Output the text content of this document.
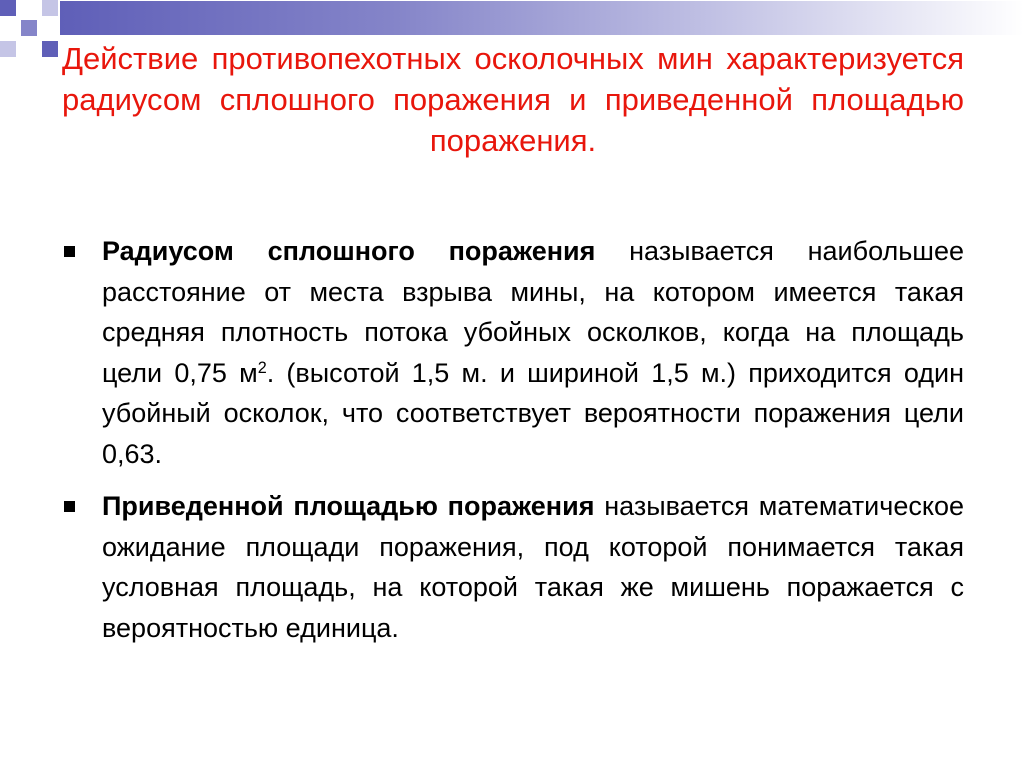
Действие противопехотных осколочных мин характеризуется радиусом сплошного поражения и приведенной площадью поражения.
Радиусом сплошного поражения называется наибольшее расстояние от места взрыва мины, на котором имеется такая средняя плотность потока убойных осколков, когда на площадь цели 0,75 $м^2$. (высотой 1,5 м. и шириной 1,5 м.) приходится один убойный осколок, что соответствует вероятности поражения цели 0,63.
Приведенной площадью поражения называется математическое ожидание площади поражения, под которой понимается такая условная площадь, на которой такая же мишень поражается с вероятностью единица.
